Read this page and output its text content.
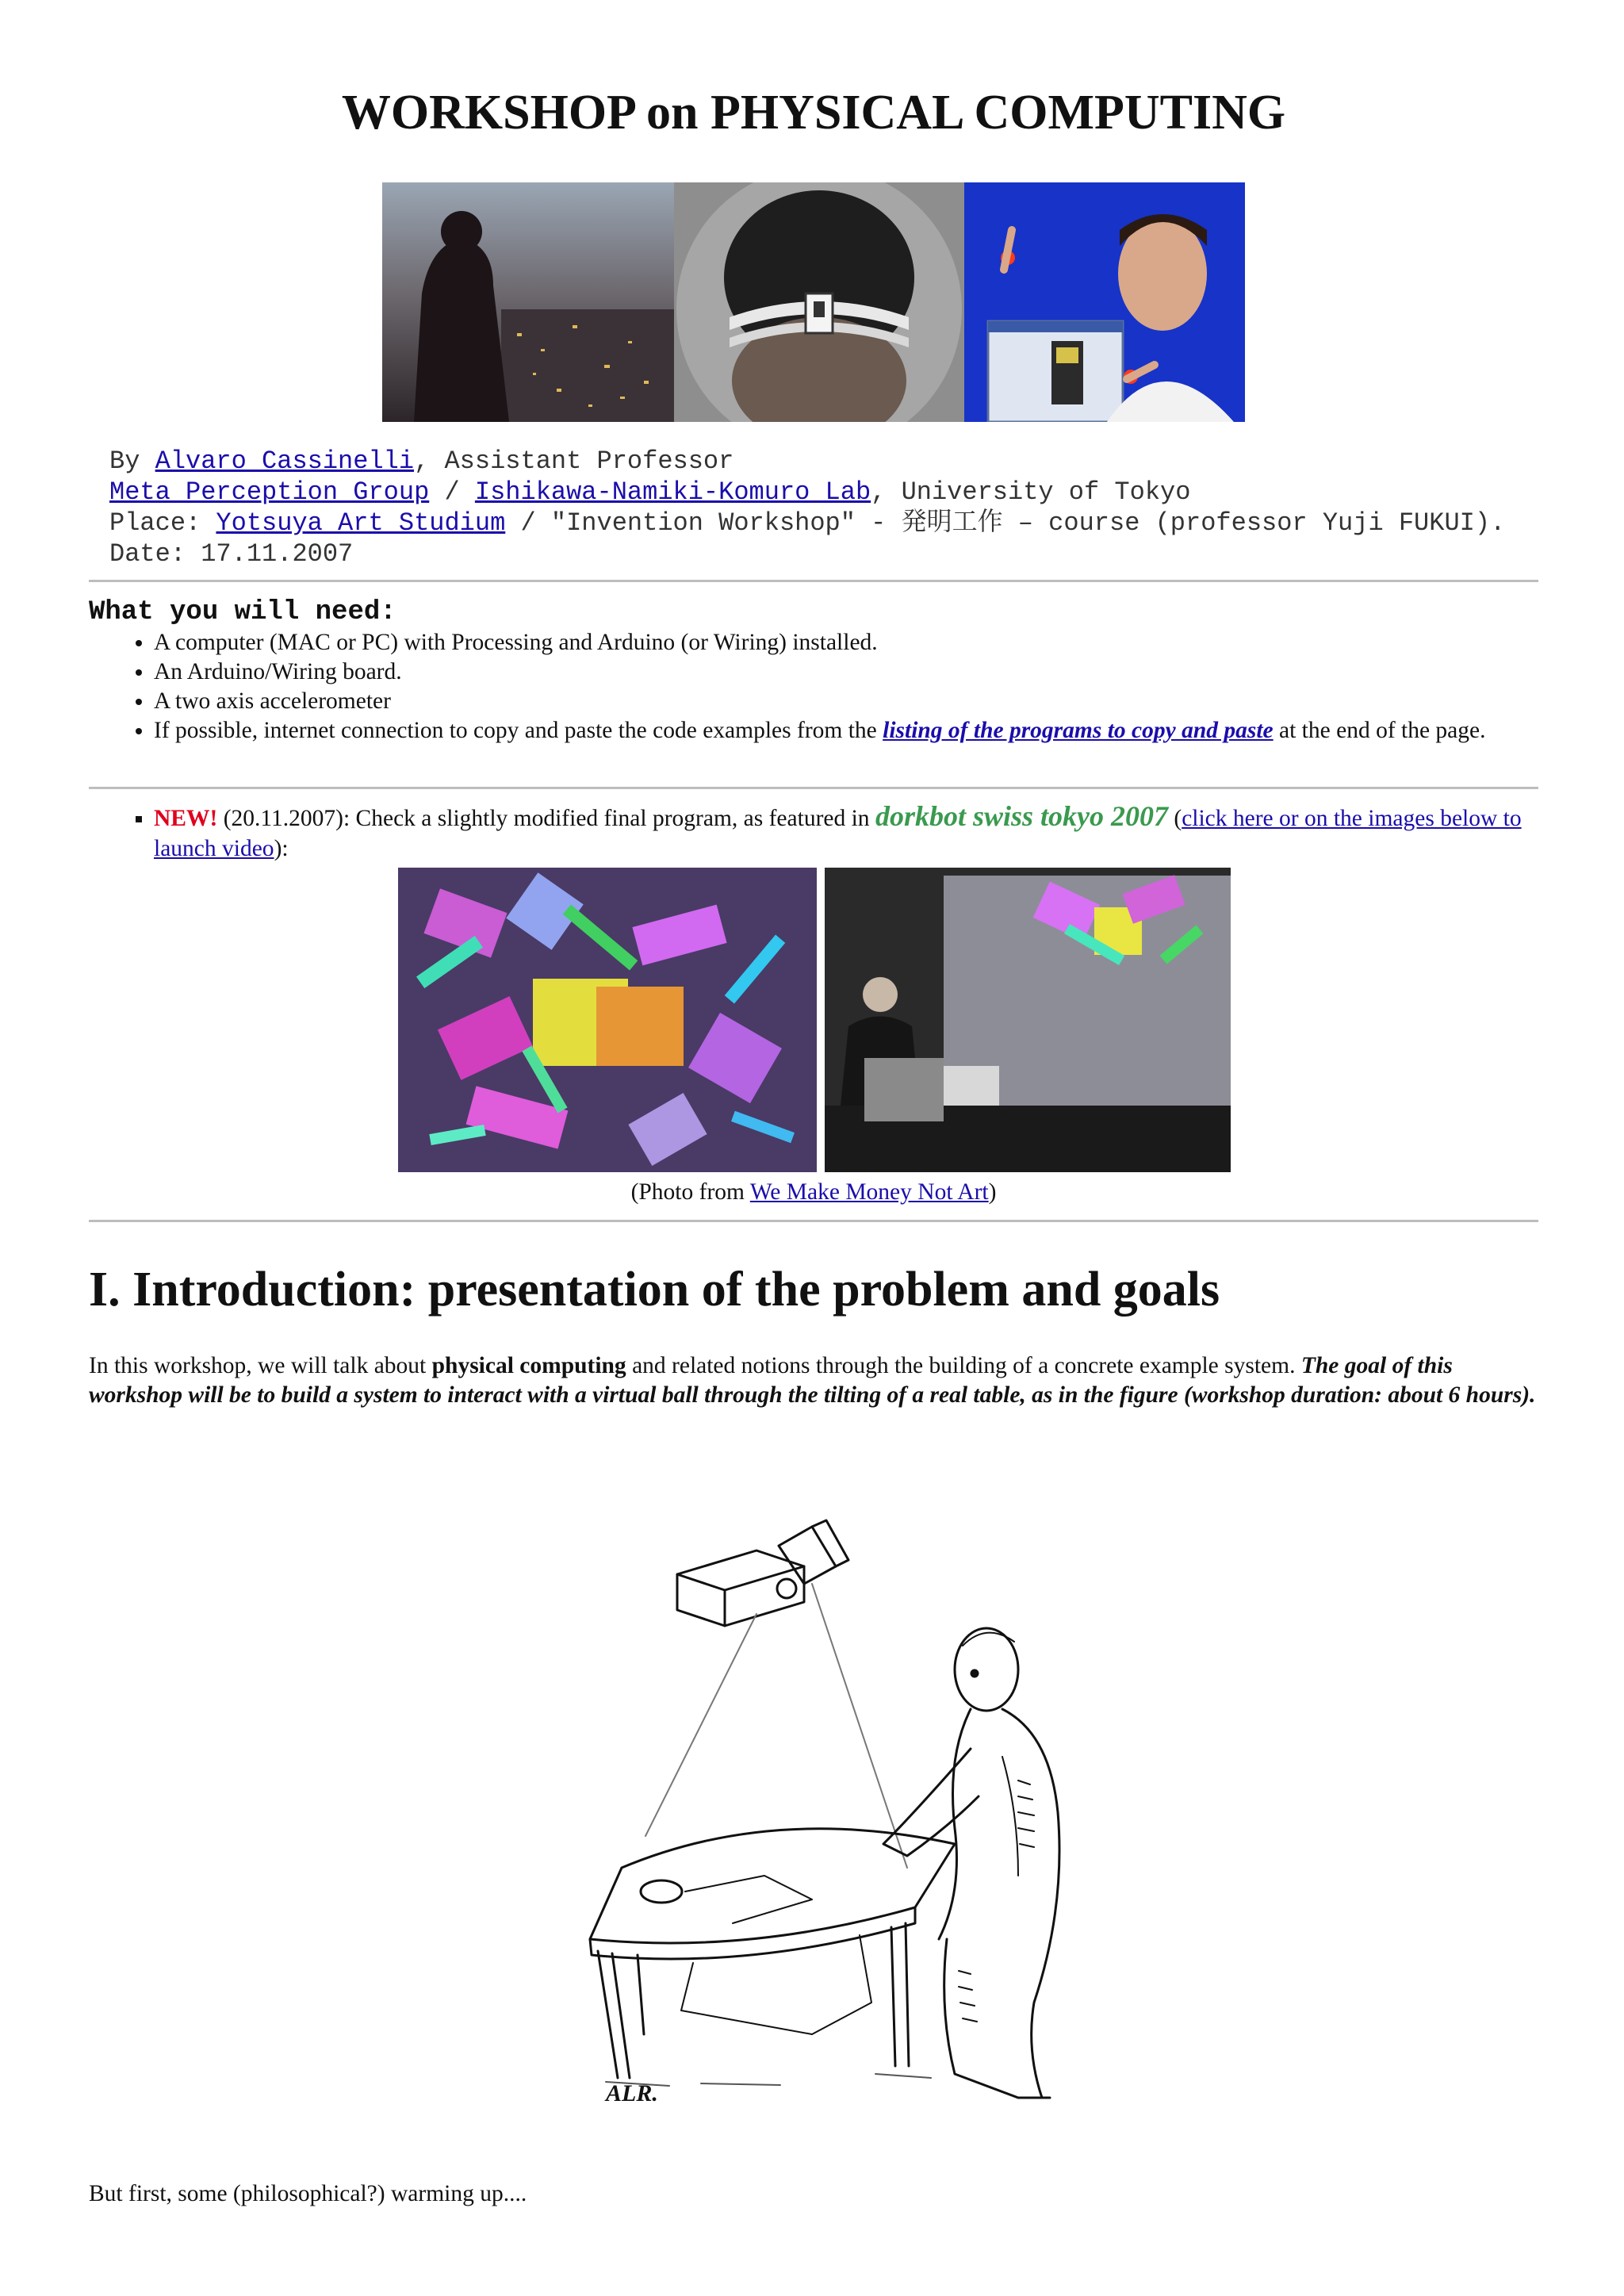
WORKSHOP on PHYSICAL COMPUTING
By Alvaro Cassinelli, Assistant Professor
Meta Perception Group / Ishikawa-Namiki-Komuro Lab, University of Tokyo
Place: Yotsuya Art Studium / "Invention Workshop" - 発明工作 – course (professor Yuji FUKUI).
Date: 17.11.2007
What you will need:
• A computer (MAC or PC) with Processing and Arduino (or Wiring) installed.
• An Arduino/Wiring board.
• A two axis accelerometer
• If possible, internet connection to copy and paste the code examples from the listing of the programs to copy and paste at the end of the page.
▪ NEW! (20.11.2007): Check a slightly modified final program, as featured in dorkbot swiss tokyo 2007 (click here or on the images below to launch video):
(Photo from We Make Money Not Art)
I. Introduction: presentation of the problem and goals

In this workshop, we will talk about physical computing and related notions through the building of a concrete example system. The goal of this workshop will be to build a system to interact with a virtual ball through the tilting of a real table, as in the figure (workshop duration: about 6 hours).

ALR.

But first, some (philosophical?) warming up....
